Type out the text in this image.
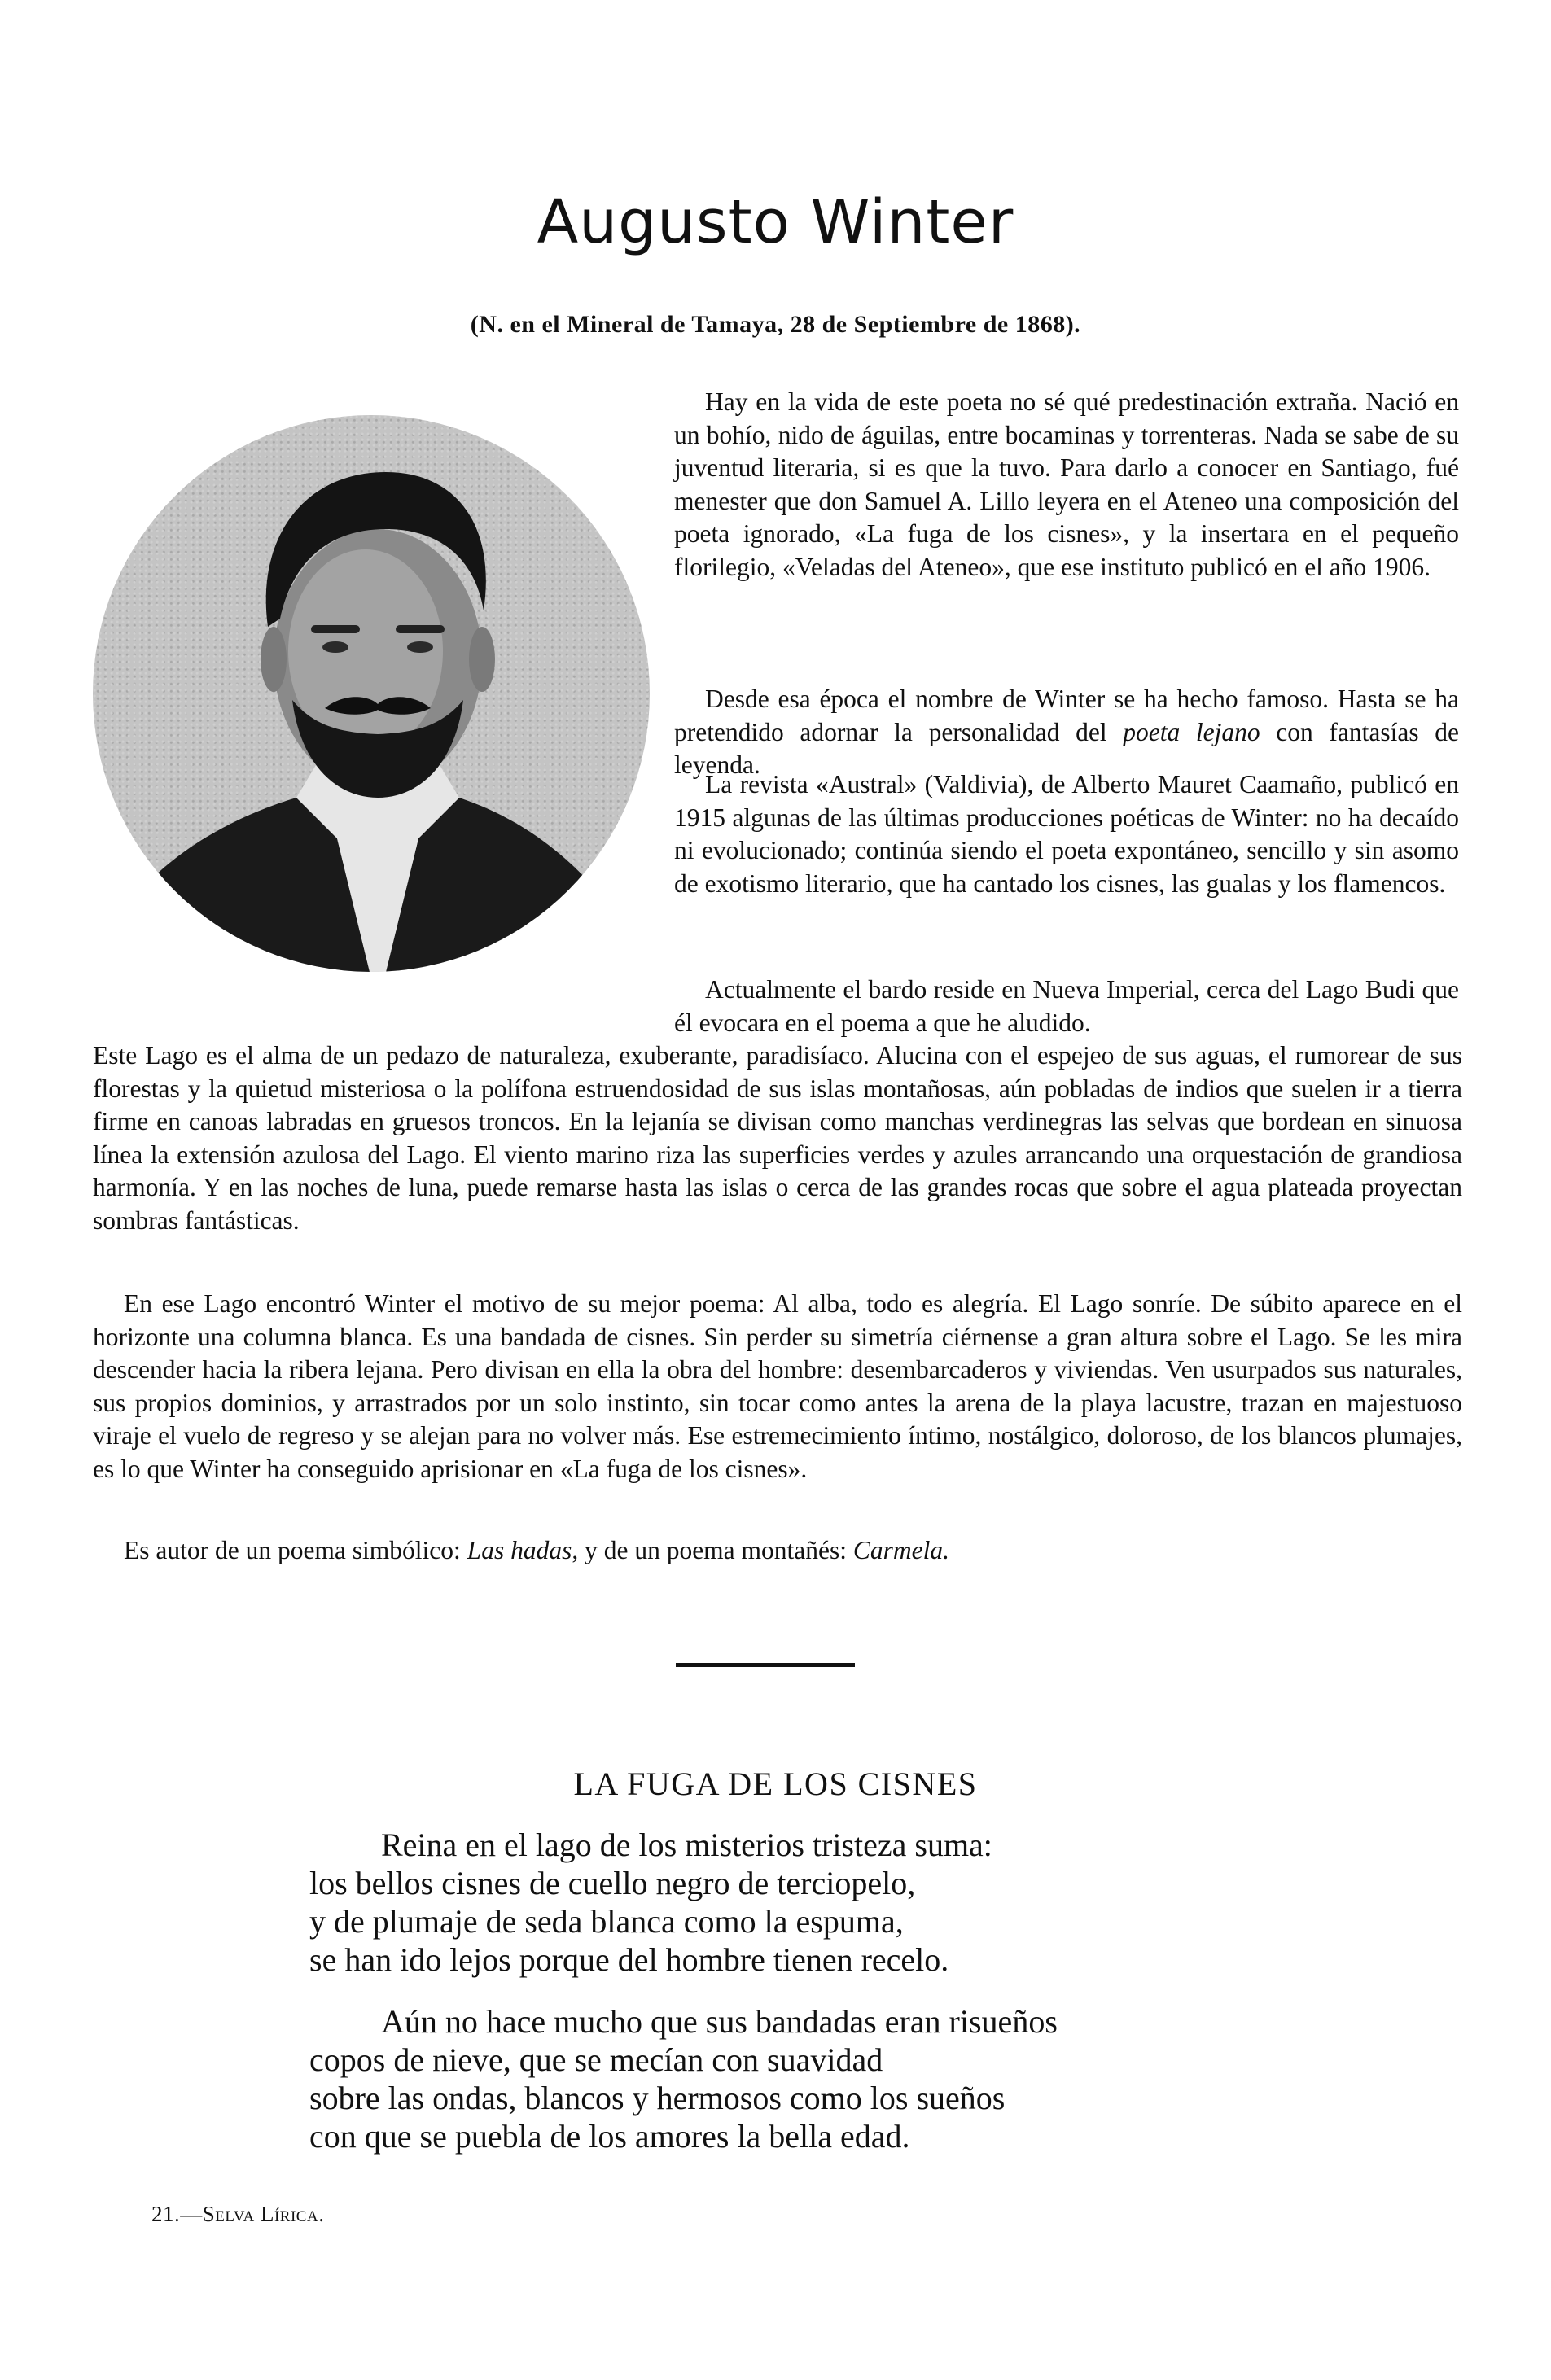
Augusto Winter
(N. en el Mineral de Tamaya, 28 de Septiembre de 1868).

Hay en la vida de este poeta no sé qué predestinación extraña. Nació en un bohío, nido de águilas, entre bocaminas y torrenteras. Nada se sabe de su juventud literaria, si es que la tuvo. Para darlo a conocer en Santiago, fué menester que don Samuel A. Lillo leyera en el Ateneo una composición del poeta ignorado, «La fuga de los cisnes», y la insertara en el pequeño florilegio, «Veladas del Ateneo», que ese instituto publicó en el año 1906.

Desde esa época el nombre de Winter se ha hecho famoso. Hasta se ha pretendido adornar la personalidad del poeta lejano con fantasías de leyenda.

La revista «Austral» (Valdivia), de Alberto Mauret Caamaño, publicó en 1915 algunas de las últimas producciones poéticas de Winter: no ha decaído ni evolucionado; continúa siendo el poeta expontáneo, sencillo y sin asomo de exotismo literario, que ha cantado los cisnes, las gualas y los flamencos.

Actualmente el bardo reside en Nueva Imperial, cerca del Lago Budi que él evocara en el poema a que he aludido.

Este Lago es el alma de un pedazo de naturaleza, exuberante, paradisíaco. Alucina con el espejeo de sus aguas, el rumorear de sus florestas y la quietud misteriosa o la polífona estruendosidad de sus islas montañosas, aún pobladas de indios que suelen ir a tierra firme en canoas labradas en gruesos troncos. En la lejanía se divisan como manchas verdinegras las selvas que bordean en sinuosa línea la extensión azulosa del Lago. El viento marino riza las superficies verdes y azules arrancando una orquestación de grandiosa harmonía. Y en las noches de luna, puede remarse hasta las islas o cerca de las grandes rocas que sobre el agua plateada proyectan sombras fantásticas.

En ese Lago encontró Winter el motivo de su mejor poema: Al alba, todo es alegría. El Lago sonríe. De súbito aparece en el horizonte una columna blanca. Es una bandada de cisnes. Sin perder su simetría ciérnense a gran altura sobre el Lago. Se les mira descender hacia la ribera lejana. Pero divisan en ella la obra del hombre: desembarcaderos y viviendas. Ven usurpados sus naturales, sus propios dominios, y arrastrados por un solo instinto, sin tocar como antes la arena de la playa lacustre, trazan en majestuoso viraje el vuelo de regreso y se alejan para no volver más. Ese estremecimiento íntimo, nostálgico, doloroso, de los blancos plumajes, es lo que Winter ha conseguido aprisionar en «La fuga de los cisnes».

Es autor de un poema simbólico: Las hadas, y de un poema montañés: Carmela.

LA FUGA DE LOS CISNES
Reina en el lago de los misterios tristeza suma:
los bellos cisnes de cuello negro de terciopelo,
y de plumaje de seda blanca como la espuma,
se han ido lejos porque del hombre tienen recelo.
Aún no hace mucho que sus bandadas eran risueños
copos de nieve, que se mecían con suavidad
sobre las ondas, blancos y hermosos como los sueños
con que se puebla de los amores la bella edad.
21.—Selva Lírica.
